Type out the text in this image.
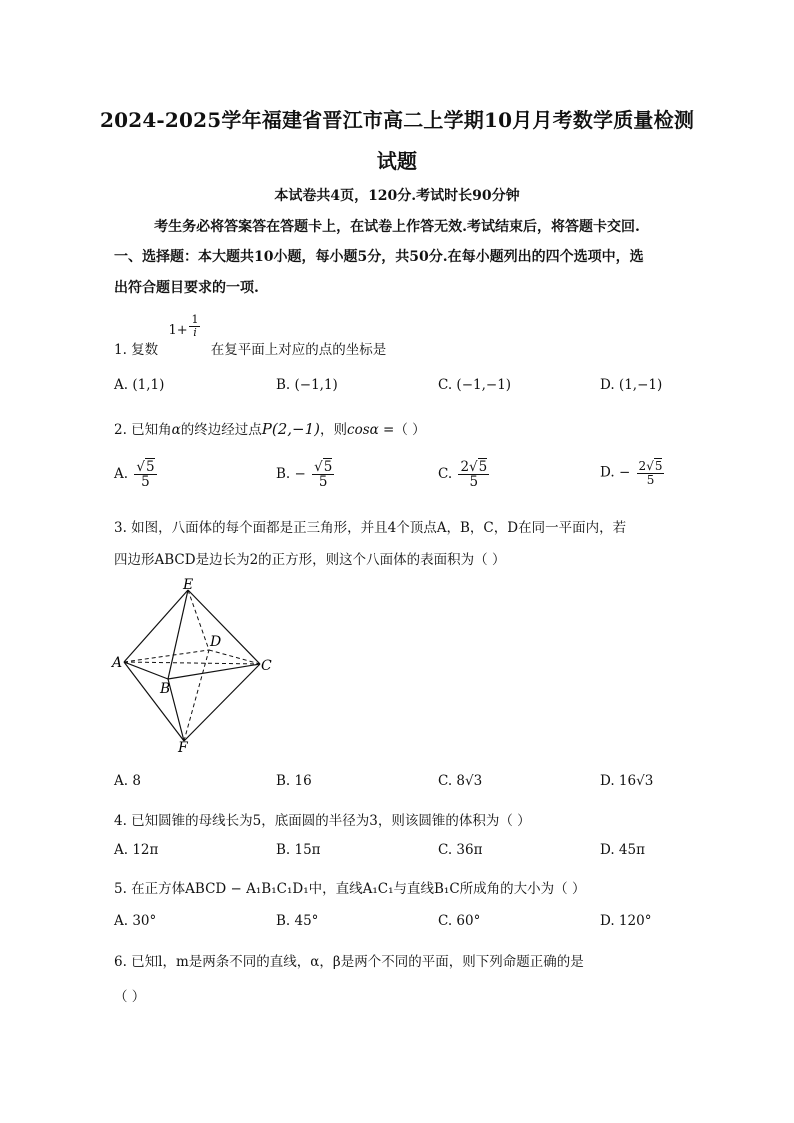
2024-2025学年福建省晋江市高二上学期10月月考数学质量检测
试题
本试卷共4页，120分.考试时长90分钟
考生务必将答案答在答题卡上，在试卷上作答无效.考试结束后，将答题卡交回.
一、选择题：本大题共10小题，每小题5分，共50分.在每小题列出的四个选项中，选
出符合题目要求的一项.
1. 复数
$1+ \frac{1}{i}$
在复平面上对应的点的坐标是
A. (1,1)	B. (−1,1)	C. (−1,−1)	D. (1,−1)
2. 已知角α的终边经过点P(2,−1)，则cosα =（ ）
A. $\frac{√5}{5}$	B. − $\frac{√5}{5}$	C. $\frac{2√5}{5}$	D. − $\frac{2√5}{5}$
3. 如图，八面体的每个面都是正三角形，并且4个顶点A，B，C，D在同一平面内，若
四边形ABCD是边长为2的正方形，则这个八面体的表面积为（ ）
E
D
A	C
B
F
A. 8	B. 16	C. 8√3	D. 16√3
4. 已知圆锥的母线长为5，底面圆的半径为3，则该圆锥的体积为（ ）
A. 12π	B. 15π	C. 36π	D. 45π
5. 在正方体ABCD − A₁B₁C₁D₁中，直线A₁C₁与直线B₁C所成角的大小为（ ）
A. 30°	B. 45°	C. 60°	D. 120°
6. 已知l，m是两条不同的直线，α，β是两个不同的平面，则下列命题正确的是
（ ）
